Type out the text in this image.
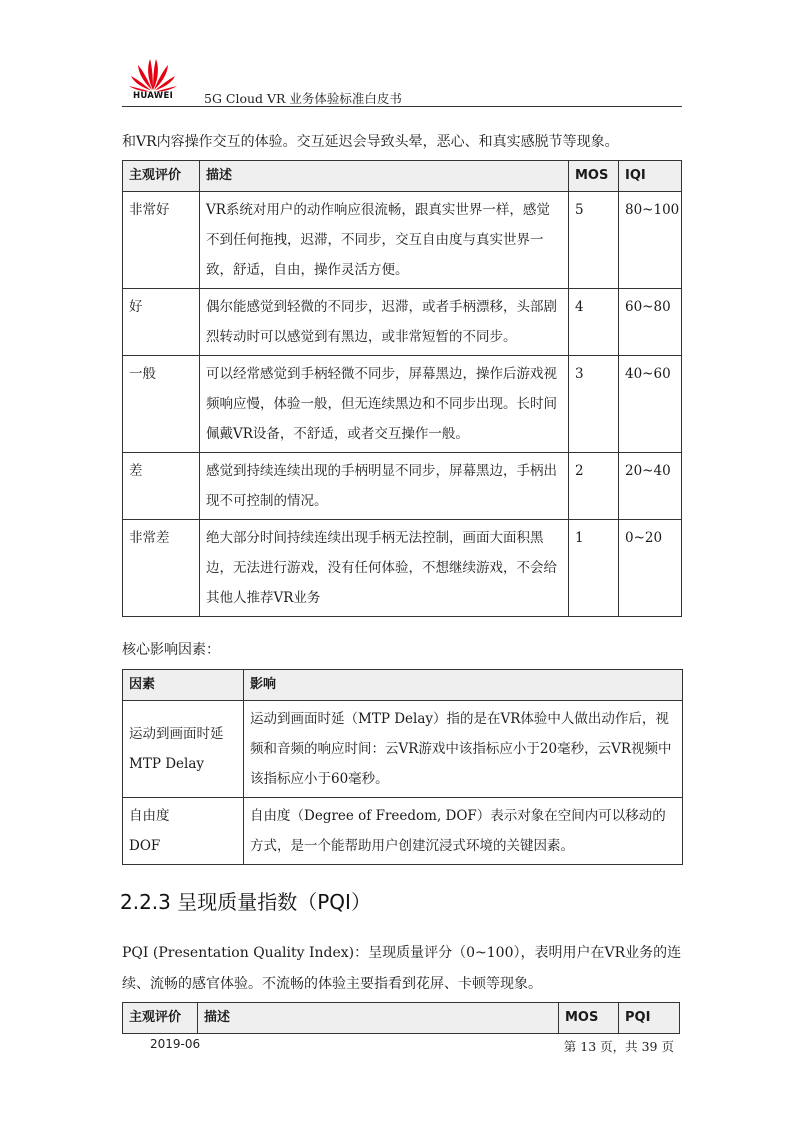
HUAWEI	5G Cloud VR 业务体验标准白皮书
和VR内容操作交互的体验。交互延迟会导致头晕，恶心、和真实感脱节等现象。
主观评价	描述	MOS	IQI
非常好	VR系统对用户的动作响应很流畅，跟真实世界一样，感觉不到任何拖拽，迟滞，不同步，交互自由度与真实世界一致，舒适，自由，操作灵活方便。	5	80~100
好	偶尔能感觉到轻微的不同步，迟滞，或者手柄漂移，头部剧烈转动时可以感觉到有黑边，或非常短暂的不同步。	4	60~80
一般	可以经常感觉到手柄轻微不同步，屏幕黑边，操作后游戏视频响应慢，体验一般，但无连续黑边和不同步出现。长时间佩戴VR设备，不舒适，或者交互操作一般。	3	40~60
差	感觉到持续连续出现的手柄明显不同步，屏幕黑边，手柄出现不可控制的情况。	2	20~40
非常差	绝大部分时间持续连续出现手柄无法控制，画面大面积黑边，无法进行游戏，没有任何体验，不想继续游戏，不会给其他人推荐VR业务	1	0~20
核心影响因素：
因素	影响

运动到画面时延
MTP Delay	运动到画面时延（MTP Delay）指的是在VR体验中人做出动作后，视频和音频的响应时间：云VR游戏中该指标应小于20毫秒，云VR视频中该指标应小于60毫秒。

自由度
DOF	自由度（Degree of Freedom, DOF）表示对象在空间内可以移动的方式，是一个能帮助用户创建沉浸式环境的关键因素。
2.2.3 呈现质量指数（PQI）
PQI (Presentation Quality Index)：呈现质量评分（0~100），表明用户在VR业务的连续、流畅的感官体验。不流畅的体验主要指看到花屏、卡顿等现象。
主观评价	描述	MOS	PQI
2019-06	第 13 页，共 39 页
